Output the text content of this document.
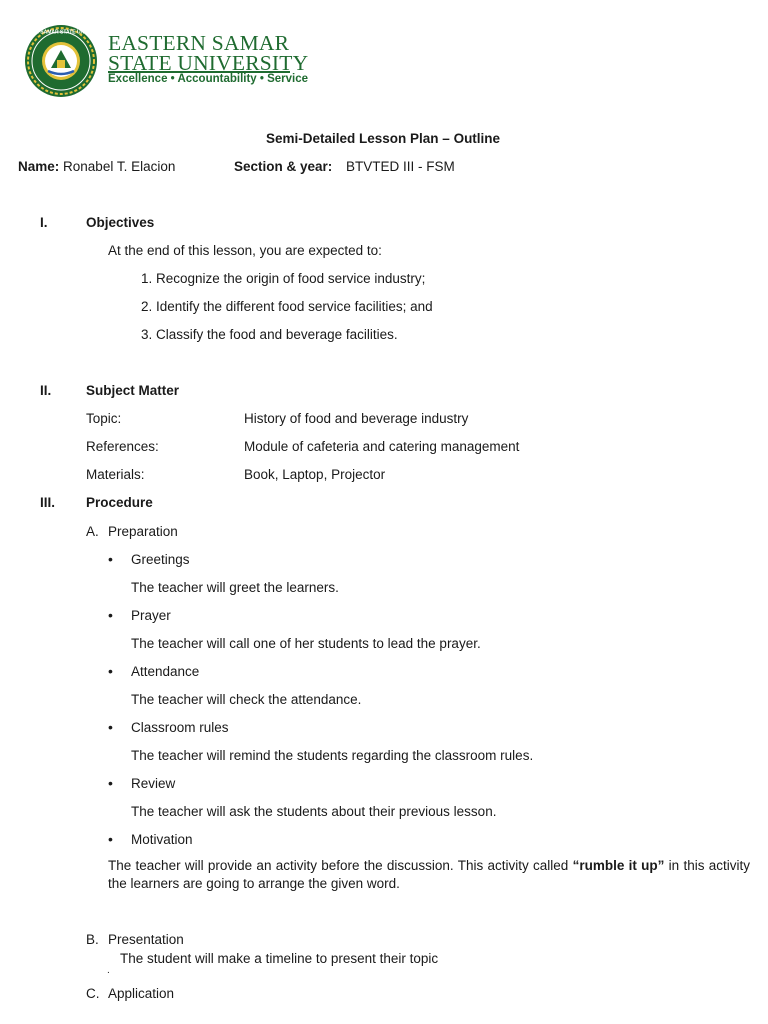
EASTERN SAMAR STATE UNIVERSITY EASTERN SAMAR
STATE UNIVERSITY
Excellence • Accountability • Service
Semi-Detailed Lesson Plan – Outline
Name: Ronabel T. Elacion	Section & year: BTVTED III - FSM
I.	Objectives
At the end of this lesson, you are expected to:
1. Recognize the origin of food service industry;
2. Identify the different food service facilities; and
3. Classify the food and beverage facilities.
II.	Subject Matter
Topic:	History of food and beverage industry
References:	Module of cafeteria and catering management
Materials:	Book, Laptop, Projector
III. Procedure
A. Preparation
• Greetings
The teacher will greet the learners.
• Prayer
The teacher will call one of her students to lead the prayer.
• Attendance
The teacher will check the attendance.
• Classroom rules
The teacher will remind the students regarding the classroom rules.
• Review
The teacher will ask the students about their previous lesson.
• Motivation
The teacher will provide an activity before the discussion. This activity called “rumble it up” in this activity the learners are going to arrange the given word.
B. Presentation
The student will make a timeline to present their topic
.
C. Application
